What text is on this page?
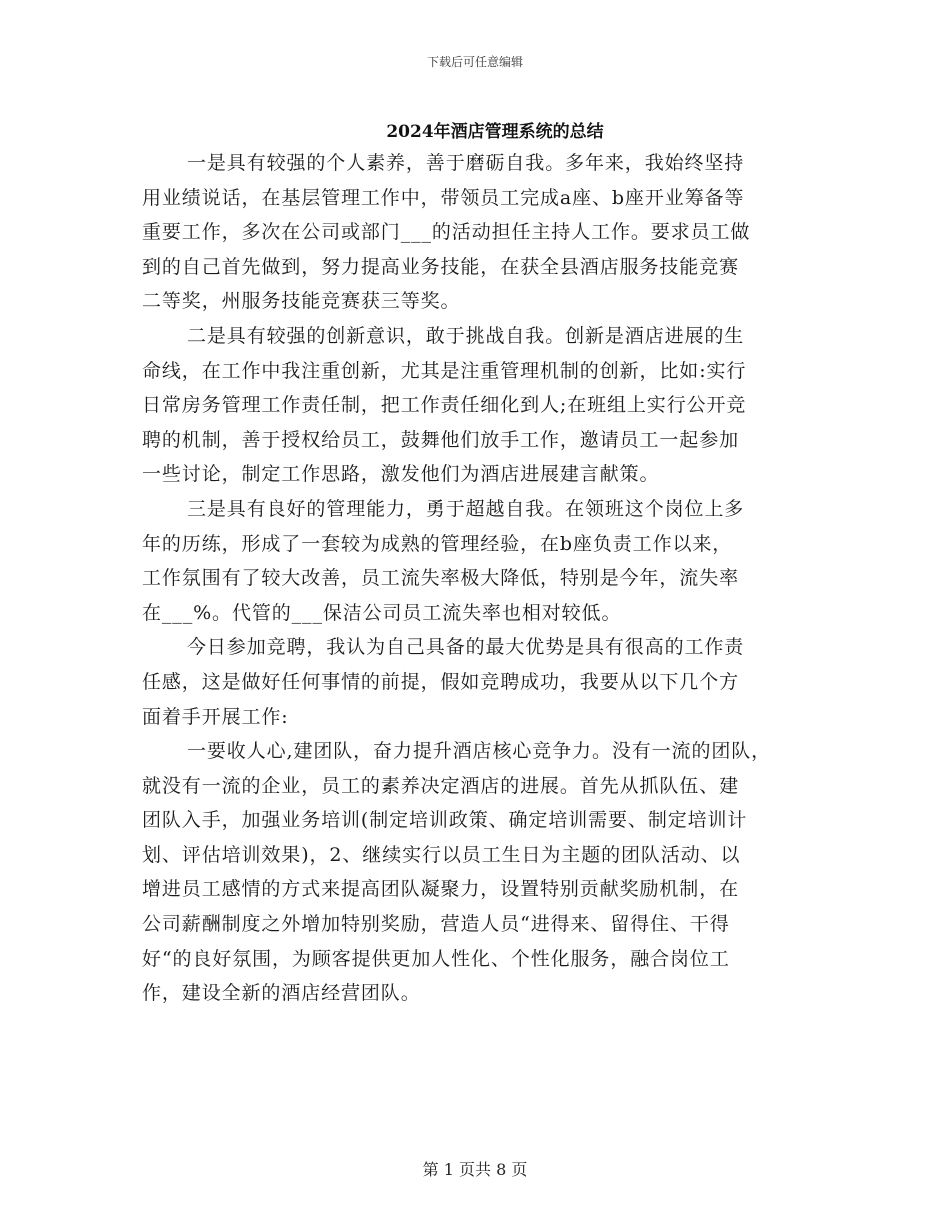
下载后可任意编辑
2024年酒店管理系统的总结
一是具有较强的个人素养，善于磨砺自我。多年来，我始终坚持
用业绩说话，在基层管理工作中，带领员工完成a座、b座开业筹备等
重要工作，多次在公司或部门___的活动担任主持人工作。要求员工做
到的自己首先做到，努力提高业务技能，在获全县酒店服务技能竞赛
二等奖，州服务技能竞赛获三等奖。
二是具有较强的创新意识，敢于挑战自我。创新是酒店进展的生
命线，在工作中我注重创新，尤其是注重管理机制的创新，比如:实行
日常房务管理工作责任制，把工作责任细化到人;在班组上实行公开竞
聘的机制，善于授权给员工，鼓舞他们放手工作，邀请员工一起参加
一些讨论，制定工作思路，激发他们为酒店进展建言献策。
三是具有良好的管理能力，勇于超越自我。在领班这个岗位上多
年的历练，形成了一套较为成熟的管理经验，在b座负责工作以来，
工作氛围有了较大改善，员工流失率极大降低，特别是今年，流失率
在___%。代管的___保洁公司员工流失率也相对较低。
今日参加竞聘，我认为自己具备的最大优势是具有很高的工作责
任感，这是做好任何事情的前提，假如竞聘成功，我要从以下几个方
面着手开展工作:
一要收人心,建团队，奋力提升酒店核心竞争力。没有一流的团队，
就没有一流的企业，员工的素养决定酒店的进展。首先从抓队伍、建
团队入手，加强业务培训(制定培训政策、确定培训需要、制定培训计
划、评估培训效果)，2、继续实行以员工生日为主题的团队活动、以
增进员工感情的方式来提高团队凝聚力，设置特别贡献奖励机制，在
公司薪酬制度之外增加特别奖励，营造人员“进得来、留得住、干得
好“的良好氛围，为顾客提供更加人性化、个性化服务，融合岗位工
作，建设全新的酒店经营团队。
第 1 页共 8 页
